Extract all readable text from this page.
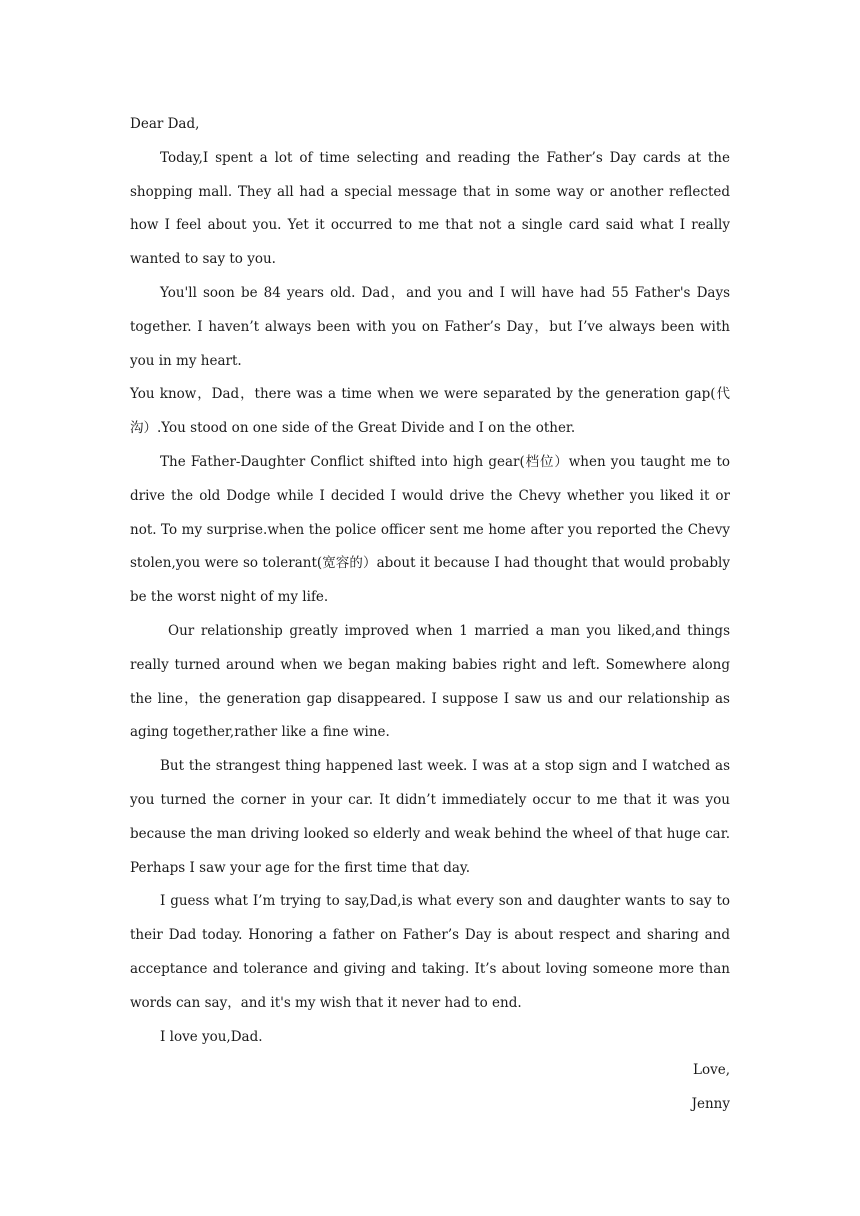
Dear Dad,

Today,I spent a lot of time selecting and reading the Father’s Day cards at the shopping mall. They all had a special message that in some way or another reflected how I feel about you. Yet it occurred to me that not a single card said what I really wanted to say to you.

You'll soon be 84 years old. Dad，and you and I will have had 55 Father's Days together. I haven’t always been with you on Father’s Day，but I’ve always been with you in my heart.

You know，Dad，there was a time when we were separated by the generation gap(代沟）.You stood on one side of the Great Divide and I on the other.

The Father-Daughter Conflict shifted into high gear(档位）when you taught me to drive the old Dodge while I decided I would drive the Chevy whether you liked it or not. To my surprise.when the police officer sent me home after you reported the Chevy stolen,you were so tolerant(宽容的）about it because I had thought that would probably be the worst night of my life.

Our relationship greatly improved when 1 married a man you liked,and things really turned around when we began making babies right and left. Somewhere along the line，the generation gap disappeared. I suppose I saw us and our relationship as aging together,rather like a fine wine.

But the strangest thing happened last week. I was at a stop sign and I watched as you turned the corner in your car. It didn’t immediately occur to me that it was you because the man driving looked so elderly and weak behind the wheel of that huge car. Perhaps I saw your age for the first time that day.

I guess what I’m trying to say,Dad,is what every son and daughter wants to say to their Dad today. Honoring a father on Father’s Day is about respect and sharing and acceptance and tolerance and giving and taking. It’s about loving someone more than words can say，and it's my wish that it never had to end.

I love you,Dad.

Love,

Jenny
